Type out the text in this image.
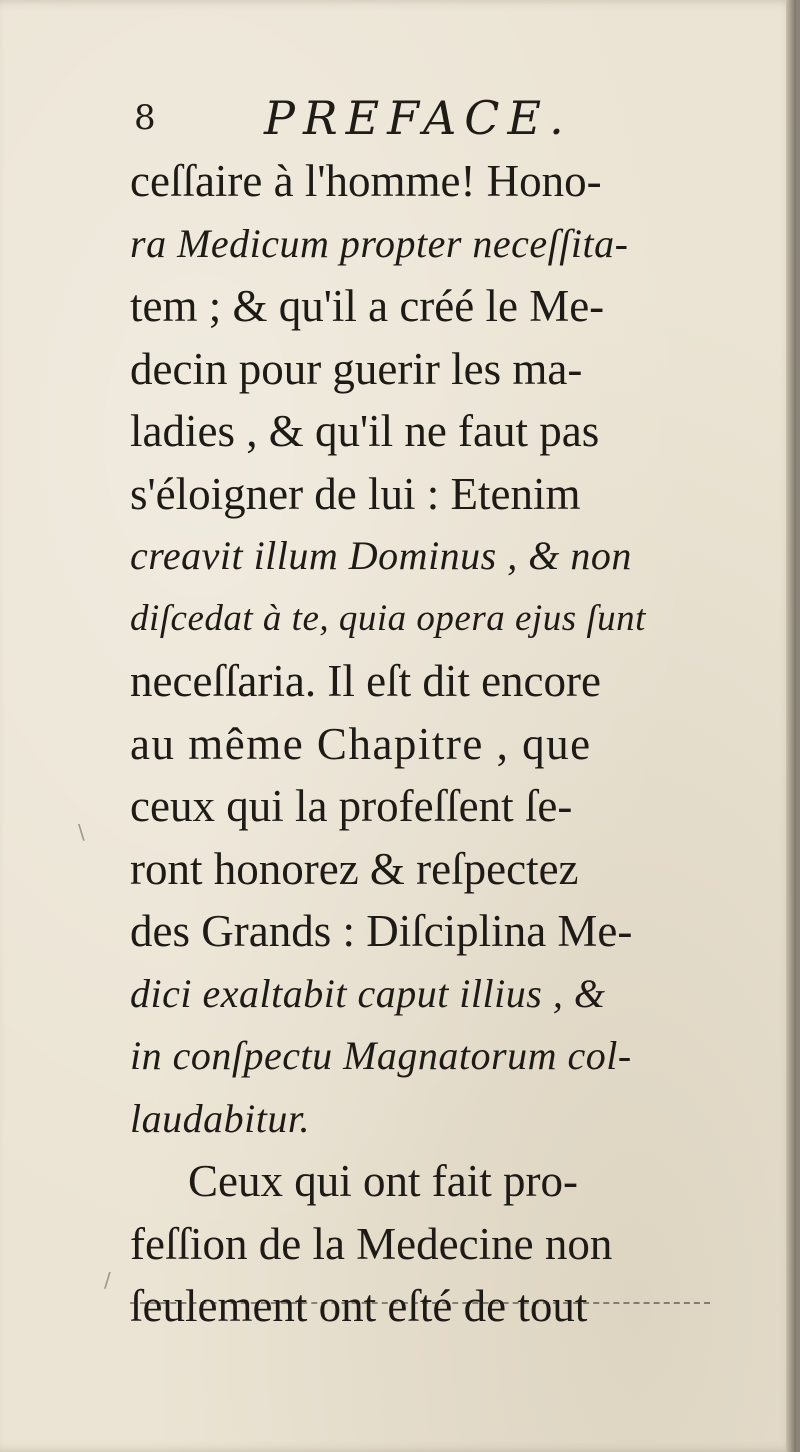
8 PREFACE.
ceſſaire à l'homme! Hono-
ra Medicum propter neceſſita-
tem ; & qu'il a créé le Me-
decin pour guerir les ma-
ladies , & qu'il ne faut pas
s'éloigner de lui : Etenim
creavit illum Dominus , & non
diſcedat à te, quia opera ejus ſunt
neceſſaria. Il eſt dit encore
au même Chapitre , que
ceux qui la profeſſent ſe-
ront honorez & reſpectez
des Grands : Diſciplina Me-
dici exaltabit caput illius , &
in conſpectu Magnatorum col-
laudabitur.
Ceux qui ont fait pro-
feſſion de la Medecine non
ſeulement ont eſté de tout
\
/
